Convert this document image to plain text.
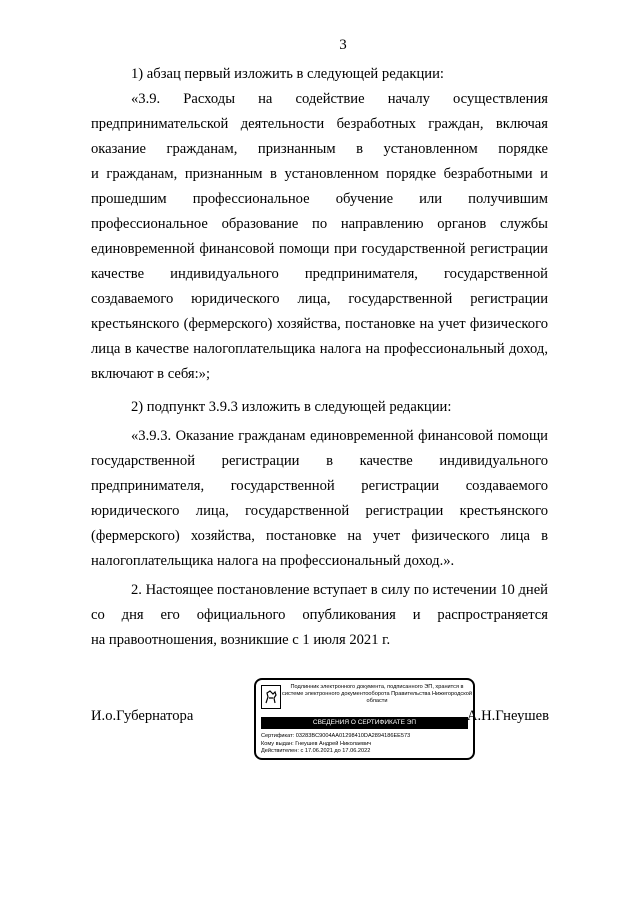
3
1) абзац первый изложить в следующей редакции:
«3.9. Расходы на содействие началу осуществления
предпринимательской деятельности безработных граждан, включая
оказание гражданам, признанным в установленном порядке
и гражданам, признанным в установленном порядке безработными и
прошедшим профессиональное обучение или получившим
профессиональное образование по направлению органов службы
единовременной финансовой помощи при государственной регистрации
качестве индивидуального предпринимателя, государственной
создаваемого юридического лица, государственной регистрации
крестьянского (фермерского) хозяйства, постановке на учет физического
лица в качестве налогоплательщика налога на профессиональный доход,
включают в себя:»;
2) подпункт 3.9.3 изложить в следующей редакции:
«3.9.3. Оказание гражданам единовременной финансовой помощи
государственной регистрации в качестве индивидуального
предпринимателя, государственной регистрации создаваемого
юридического лица, государственной регистрации крестьянского
(фермерского) хозяйства, постановке на учет физического лица в
налогоплательщика налога на профессиональный доход.».
2. Настоящее постановление вступает в силу по истечении 10 дней
со дня его официального опубликования и распространяется
на правоотношения, возникшие с 1 июля 2021 г.
И.о.Губернатора
Подлинник электронного документа, подписанного ЭП, хранится в системе электронного документооборота Правительства Нижегородской области
СВЕДЕНИЯ О СЕРТИФИКАТЕ ЭП
Сертификат: 03283BC9004AA01298410DA2894186EE573
Кому выдан: Гнеушев Андрей Николаевич
Действителен: с 17.06.2021 до 17.06.2022
А.Н.Гнеушев
